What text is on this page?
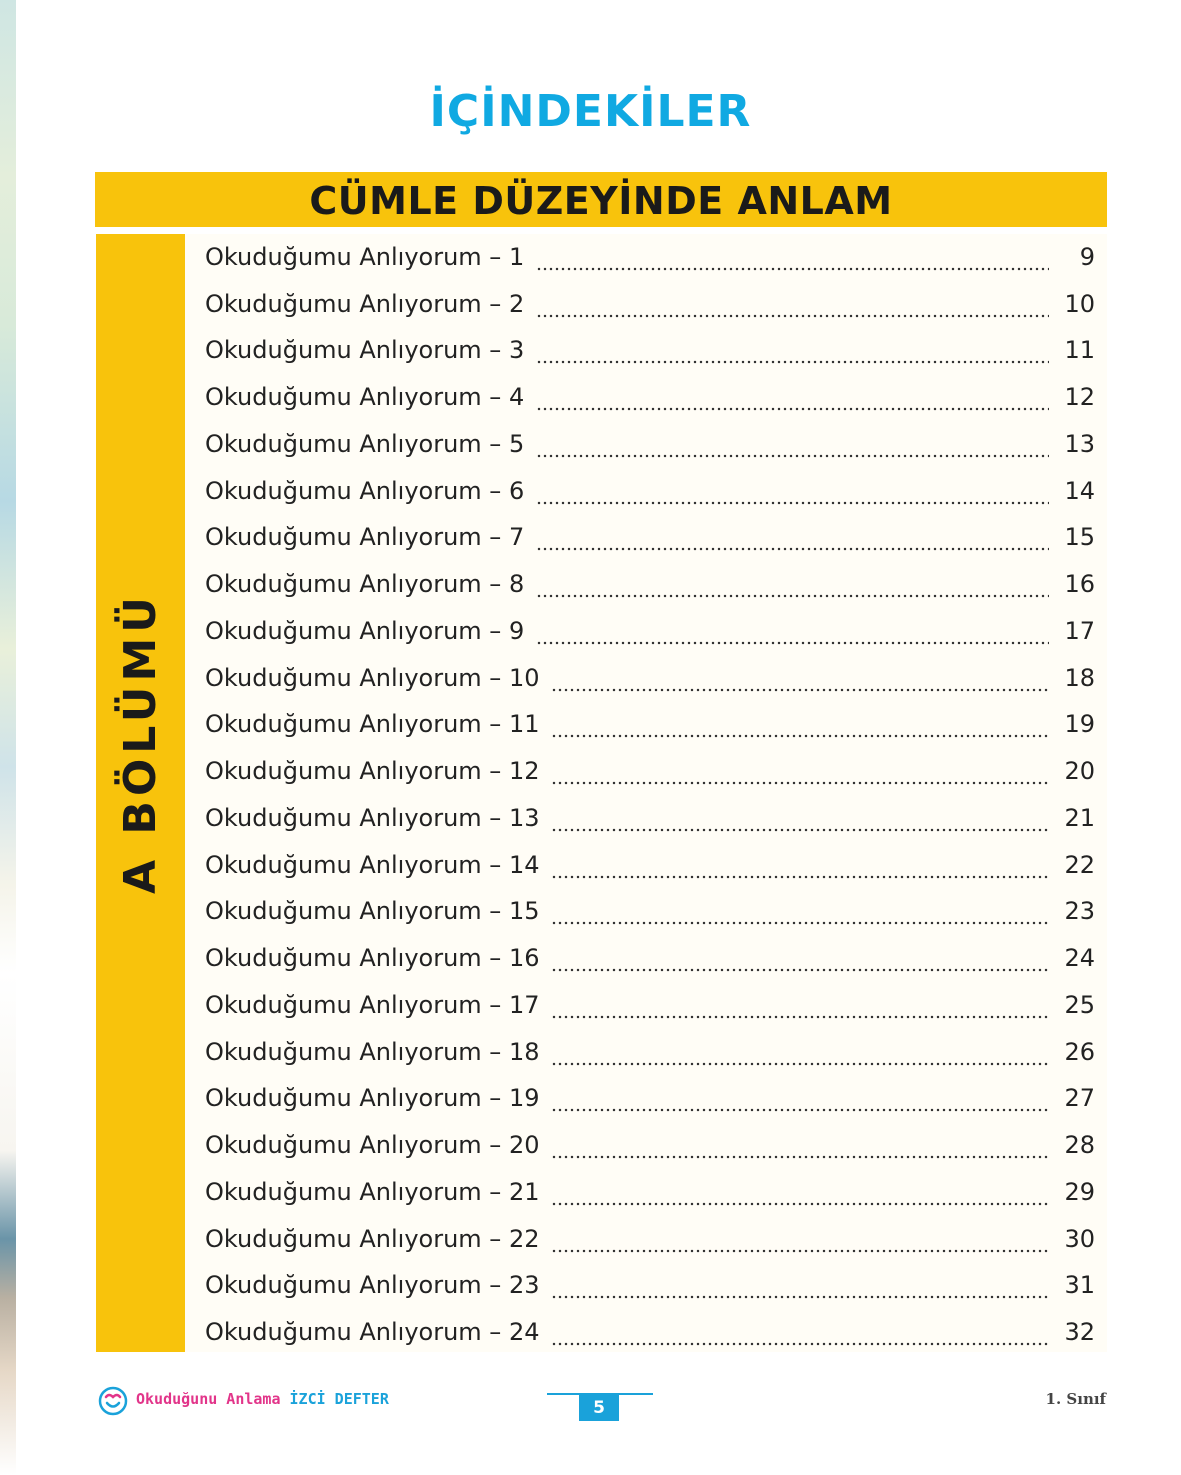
İÇİNDEKİLER
CÜMLE DÜZEYİNDE ANLAM
A BÖLÜMÜ
Okuduğumu Anlıyorum – 1	9
Okuduğumu Anlıyorum – 2	10
Okuduğumu Anlıyorum – 3	11
Okuduğumu Anlıyorum – 4	12
Okuduğumu Anlıyorum – 5	13
Okuduğumu Anlıyorum – 6	14
Okuduğumu Anlıyorum – 7	15
Okuduğumu Anlıyorum – 8	16
Okuduğumu Anlıyorum – 9	17
Okuduğumu Anlıyorum – 10	18
Okuduğumu Anlıyorum – 11	19
Okuduğumu Anlıyorum – 12	20
Okuduğumu Anlıyorum – 13	21
Okuduğumu Anlıyorum – 14	22
Okuduğumu Anlıyorum – 15	23
Okuduğumu Anlıyorum – 16	24
Okuduğumu Anlıyorum – 17	25
Okuduğumu Anlıyorum – 18	26
Okuduğumu Anlıyorum – 19	27
Okuduğumu Anlıyorum – 20	28
Okuduğumu Anlıyorum – 21	29
Okuduğumu Anlıyorum – 22	30
Okuduğumu Anlıyorum – 23	31
Okuduğumu Anlıyorum – 24	32
Okuduğunu Anlama İZCİ DEFTER	5	1. Sınıf
